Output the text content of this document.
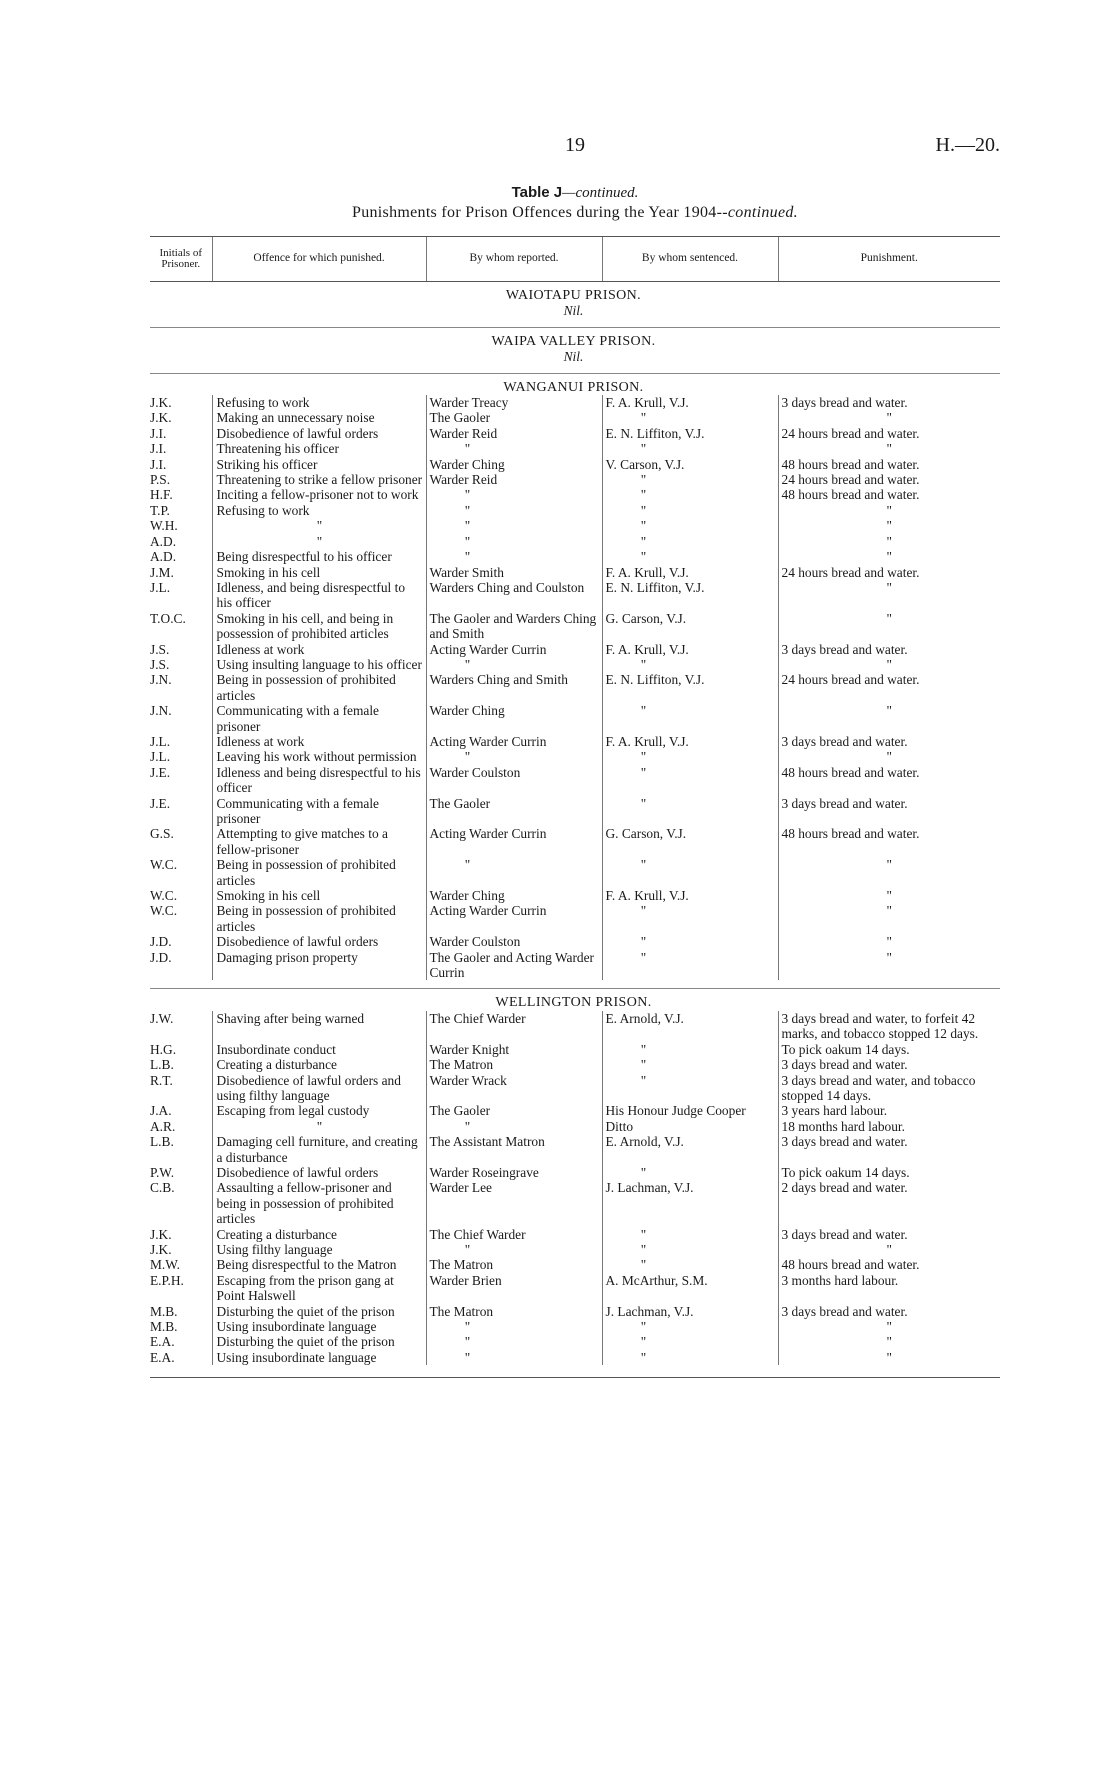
19	H.—20.
Table J—continued.
Punishments for Prison Offences during the Year 1904--continued.
Initials of Prisoner.	Offence for which punished.	By whom reported.	By whom sentenced.	Punishment.
WAIOTAPU PRISON.				
Nil.				
WAIPA VALLEY PRISON.				
Nil.				
WANGANUI PRISON.				
J.K.	Refusing to work	Warder Treacy	F. A. Krull, V.J.	3 days bread and water.
J.K.	Making an unnecessary noise	The Gaoler	"	"
J.I.	Disobedience of lawful orders	Warder Reid	E. N. Liffiton, V.J.	24 hours bread and water.
J.I.	Threatening his officer	"	"	"
J.I.	Striking his officer	Warder Ching	V. Carson, V.J.	48 hours bread and water.
P.S.	Threatening to strike a fellow prisoner	Warder Reid	"	24 hours bread and water.
H.F.	Inciting a fellow-prisoner not to work	"	"	48 hours bread and water.
T.P.	Refusing to work	"	"	"
W.H.	"	"	"	"
A.D.	"	"	"	"
A.D.	Being disrespectful to his officer	"	"	"
J.M.	Smoking in his cell	Warder Smith	F. A. Krull, V.J.	24 hours bread and water.
J.L.	Idleness, and being disrespectful to his officer	Warders Ching and Coulston	E. N. Liffiton, V.J.	"
T.O.C.	Smoking in his cell, and being in possession of prohibited articles	The Gaoler and Warders Ching and Smith	G. Carson, V.J.	"
J.S.	Idleness at work	Acting Warder Currin	F. A. Krull, V.J.	3 days bread and water.
J.S.	Using insulting language to his officer	"	"	"
J.N.	Being in possession of prohibited articles	Warders Ching and Smith	E. N. Liffiton, V.J.	24 hours bread and water.
J.N.	Communicating with a female prisoner	Warder Ching	"	"
J.L.	Idleness at work	Acting Warder Currin	F. A. Krull, V.J.	3 days bread and water.
J.L.	Leaving his work without permission	"	"	"
J.E.	Idleness and being disrespectful to his officer	Warder Coulston	"	48 hours bread and water.
J.E.	Communicating with a female prisoner	The Gaoler	"	3 days bread and water.
G.S.	Attempting to give matches to a fellow-prisoner	Acting Warder Currin	G. Carson, V.J.	48 hours bread and water.
W.C.	Being in possession of prohibited articles	"	"	"
W.C.	Smoking in his cell	Warder Ching	F. A. Krull, V.J.	"
W.C.	Being in possession of prohibited articles	Acting Warder Currin	"	"
J.D.	Disobedience of lawful orders	Warder Coulston	"	"
J.D.	Damaging prison property	The Gaoler and Acting Warder Currin	"	"

WELLINGTON PRISON.				
J.W.	Shaving after being warned	The Chief Warder	E. Arnold, V.J.	3 days bread and water, to forfeit 42 marks, and tobacco stopped 12 days.
H.G.	Insubordinate conduct	Warder Knight	"	To pick oakum 14 days.
L.B.	Creating a disturbance	The Matron	"	3 days bread and water.
R.T.	Disobedience of lawful orders and using filthy language	Warder Wrack	"	3 days bread and water, and tobacco stopped 14 days.
J.A.	Escaping from legal custody	The Gaoler	His Honour Judge Cooper	3 years hard labour.
A.R.	"	"	Ditto	18 months hard labour.
L.B.	Damaging cell furniture, and creating a disturbance	The Assistant Matron	E. Arnold, V.J.	3 days bread and water.
P.W.	Disobedience of lawful orders	Warder Roseingrave	"	To pick oakum 14 days.
C.B.	Assaulting a fellow-prisoner and being in possession of prohibited articles	Warder Lee	J. Lachman, V.J.	2 days bread and water.
J.K.	Creating a disturbance	The Chief Warder	"	3 days bread and water.
J.K.	Using filthy language	"	"	"
M.W.	Being disrespectful to the Matron	The Matron	"	48 hours bread and water.
E.P.H.	Escaping from the prison gang at Point Halswell	Warder Brien	A. McArthur, S.M.	3 months hard labour.
M.B.	Disturbing the quiet of the prison	The Matron	J. Lachman, V.J.	3 days bread and water.
M.B.	Using insubordinate language	"	"	"
E.A.	Disturbing the quiet of the prison	"	"	"
E.A.	Using insubordinate language	"	"	"
